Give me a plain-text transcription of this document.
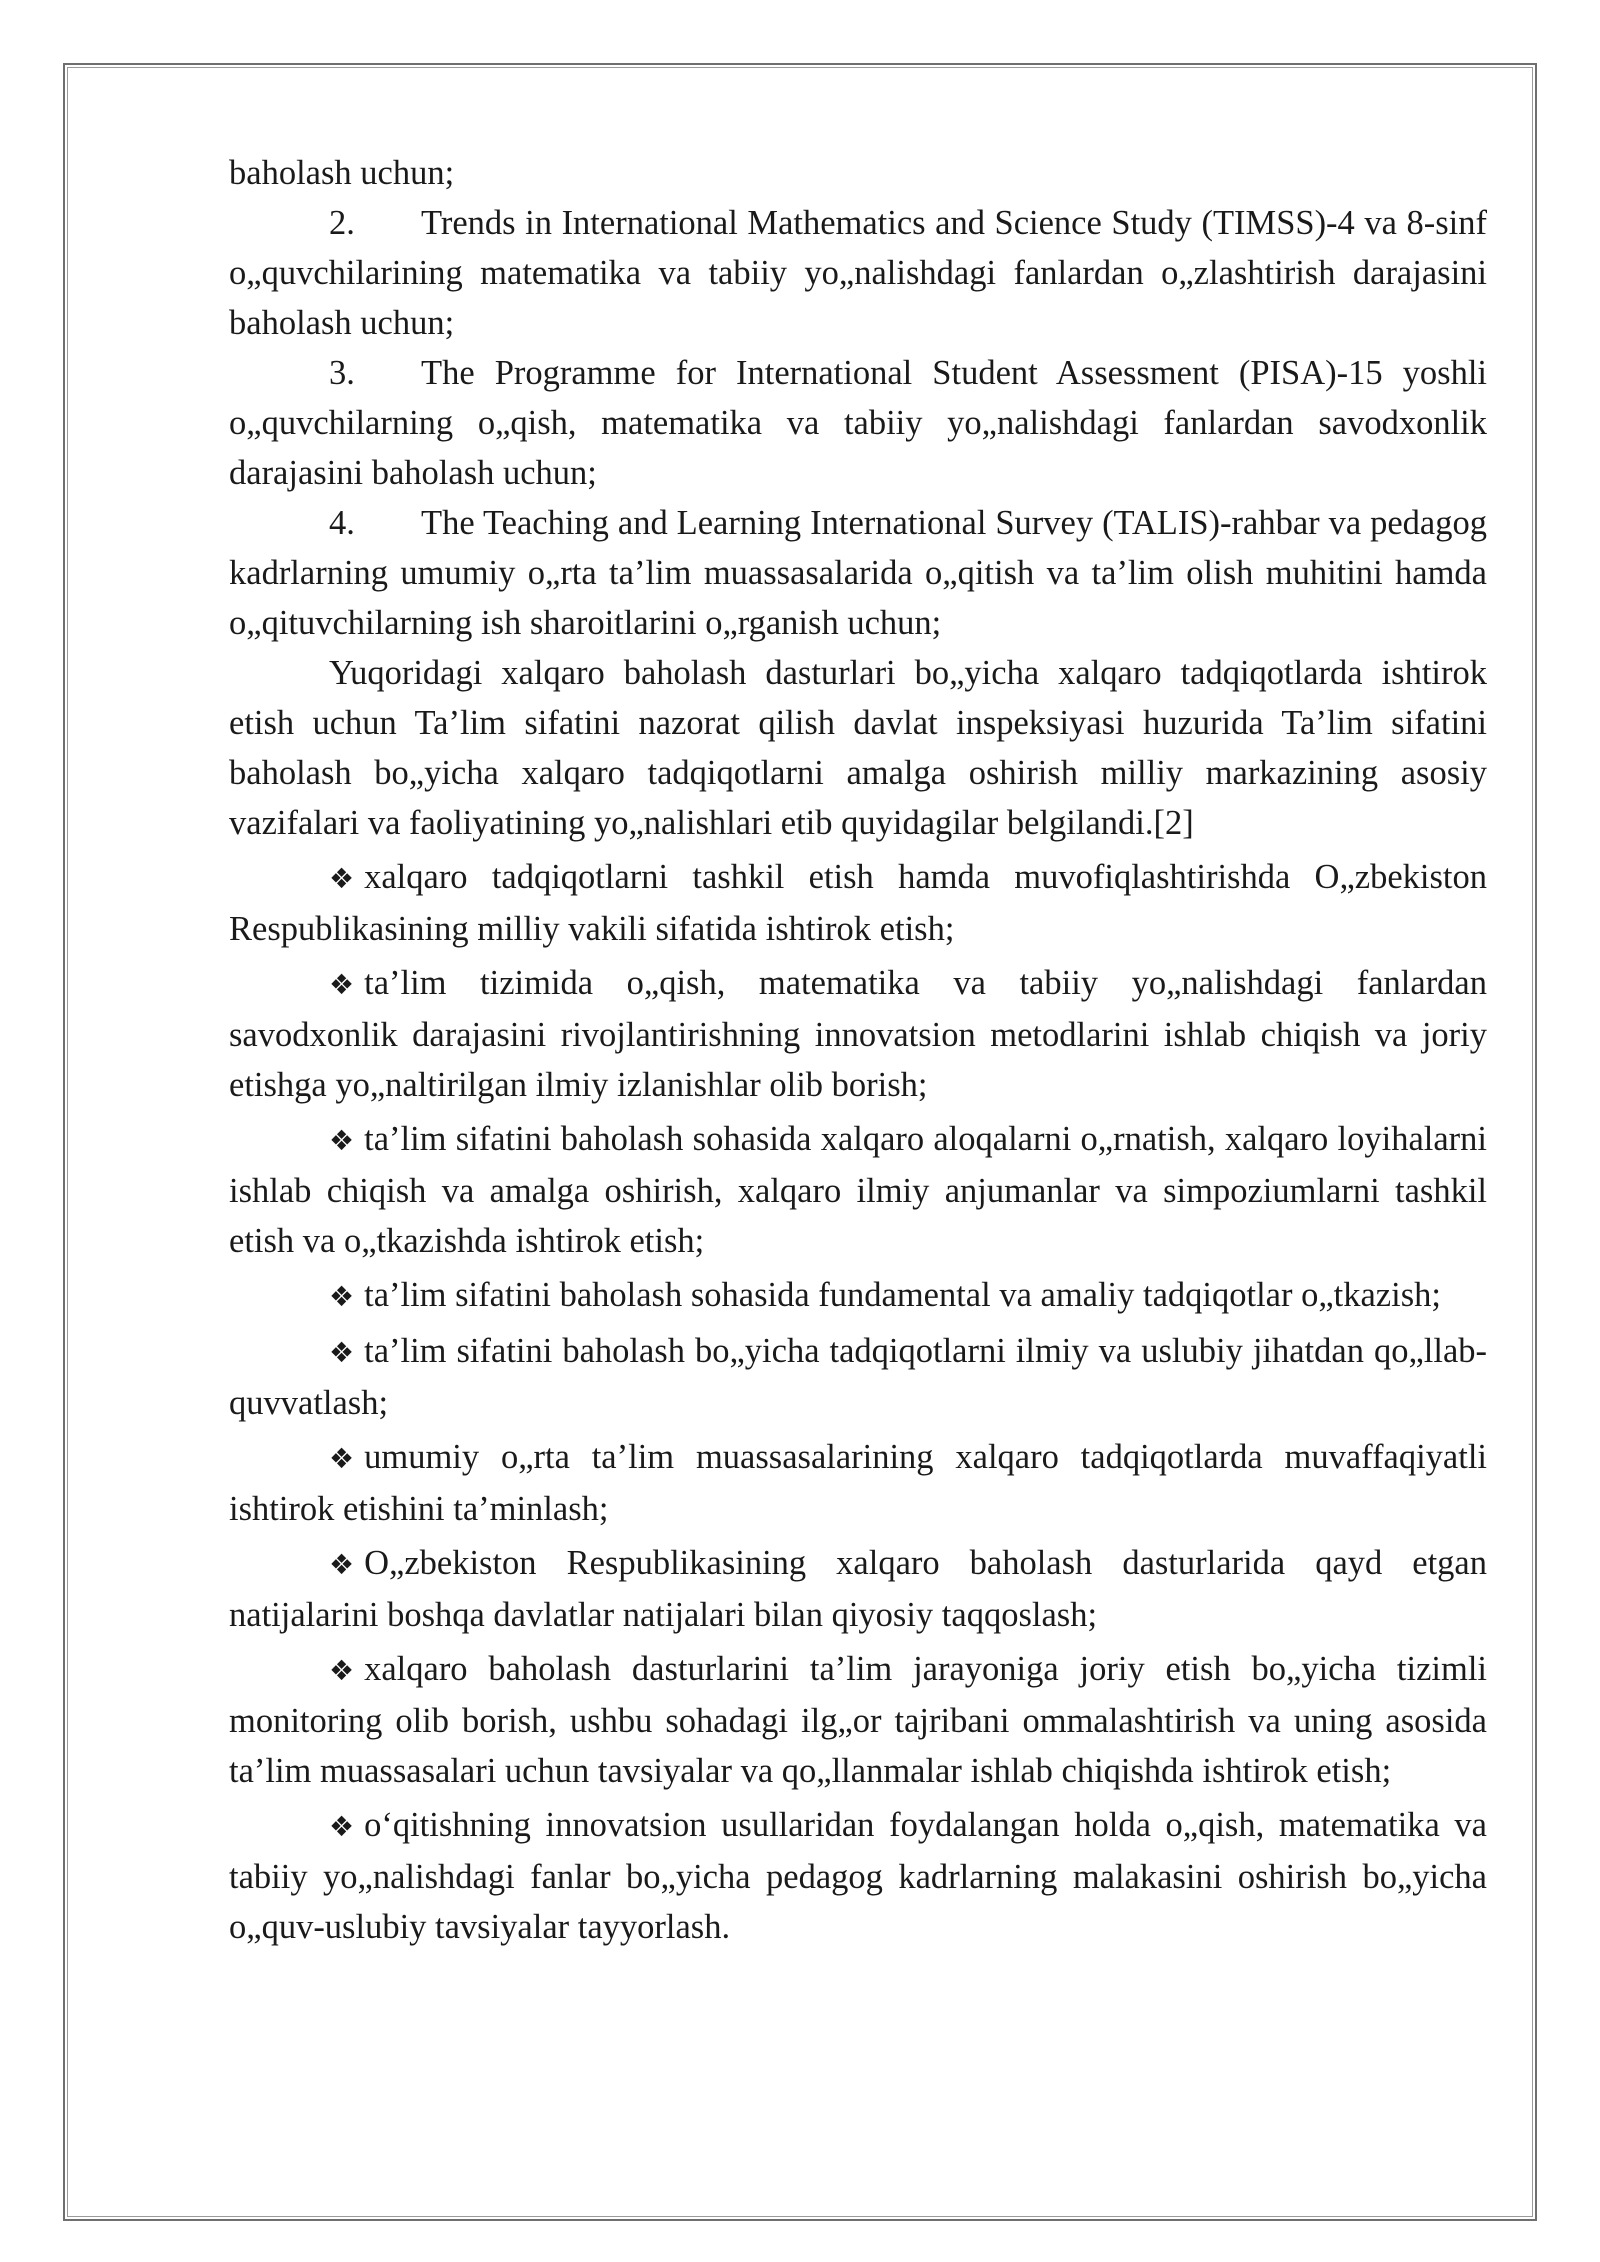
baholash uchun;

2. Trends in International Mathematics and Science Study (TIMSS)-4 va 8-sinf o„quvchilarining matematika va tabiiy yo„nalishdagi fanlardan o„zlashtirish darajasini baholash uchun;

3. The Programme for International Student Assessment (PISA)-15 yoshli o„quvchilarning o„qish, matematika va tabiiy yo„nalishdagi fanlardan savodxonlik darajasini baholash uchun;

4. The Teaching and Learning International Survey (TALIS)-rahbar va pedagog kadrlarning umumiy o„rta ta’lim muassasalarida o„qitish va ta’lim olish muhitini hamda o„qituvchilarning ish sharoitlarini o„rganish uchun;

Yuqoridagi xalqaro baholash dasturlari bo„yicha xalqaro tadqiqotlarda ishtirok etish uchun Ta’lim sifatini nazorat qilish davlat inspeksiyasi huzurida Ta’lim sifatini baholash bo„yicha xalqaro tadqiqotlarni amalga oshirish milliy markazining asosiy vazifalari va faoliyatining yo„nalishlari etib quyidagilar belgilandi.[2]

❖ xalqaro tadqiqotlarni tashkil etish hamda muvofiqlashtirishda O„zbekiston Respublikasining milliy vakili sifatida ishtirok etish;

❖ ta’lim tizimida o„qish, matematika va tabiiy yo„nalishdagi fanlardan savodxonlik darajasini rivojlantirishning innovatsion metodlarini ishlab chiqish va joriy etishga yo„naltirilgan ilmiy izlanishlar olib borish;

❖ ta’lim sifatini baholash sohasida xalqaro aloqalarni o„rnatish, xalqaro loyihalarni ishlab chiqish va amalga oshirish, xalqaro ilmiy anjumanlar va simpoziumlarni tashkil etish va o„tkazishda ishtirok etish;

❖ ta’lim sifatini baholash sohasida fundamental va amaliy tadqiqotlar o„tkazish;

❖ ta’lim sifatini baholash bo„yicha tadqiqotlarni ilmiy va uslubiy jihatdan qo„llab-quvvatlash;

❖ umumiy o„rta ta’lim muassasalarining xalqaro tadqiqotlarda muvaffaqiyatli ishtirok etishini ta’minlash;

❖ O„zbekiston Respublikasining xalqaro baholash dasturlarida qayd etgan natijalarini boshqa davlatlar natijalari bilan qiyosiy taqqoslash;

❖ xalqaro baholash dasturlarini ta’lim jarayoniga joriy etish bo„yicha tizimli monitoring olib borish, ushbu sohadagi ilg„or tajribani ommalashtirish va uning asosida ta’lim muassasalari uchun tavsiyalar va qo„llanmalar ishlab chiqishda ishtirok etish;

❖ o‘qitishning innovatsion usullaridan foydalangan holda o„qish, matematika va tabiiy yo„nalishdagi fanlar bo„yicha pedagog kadrlarning malakasini oshirish bo„yicha o„quv-uslubiy tavsiyalar tayyorlash.
